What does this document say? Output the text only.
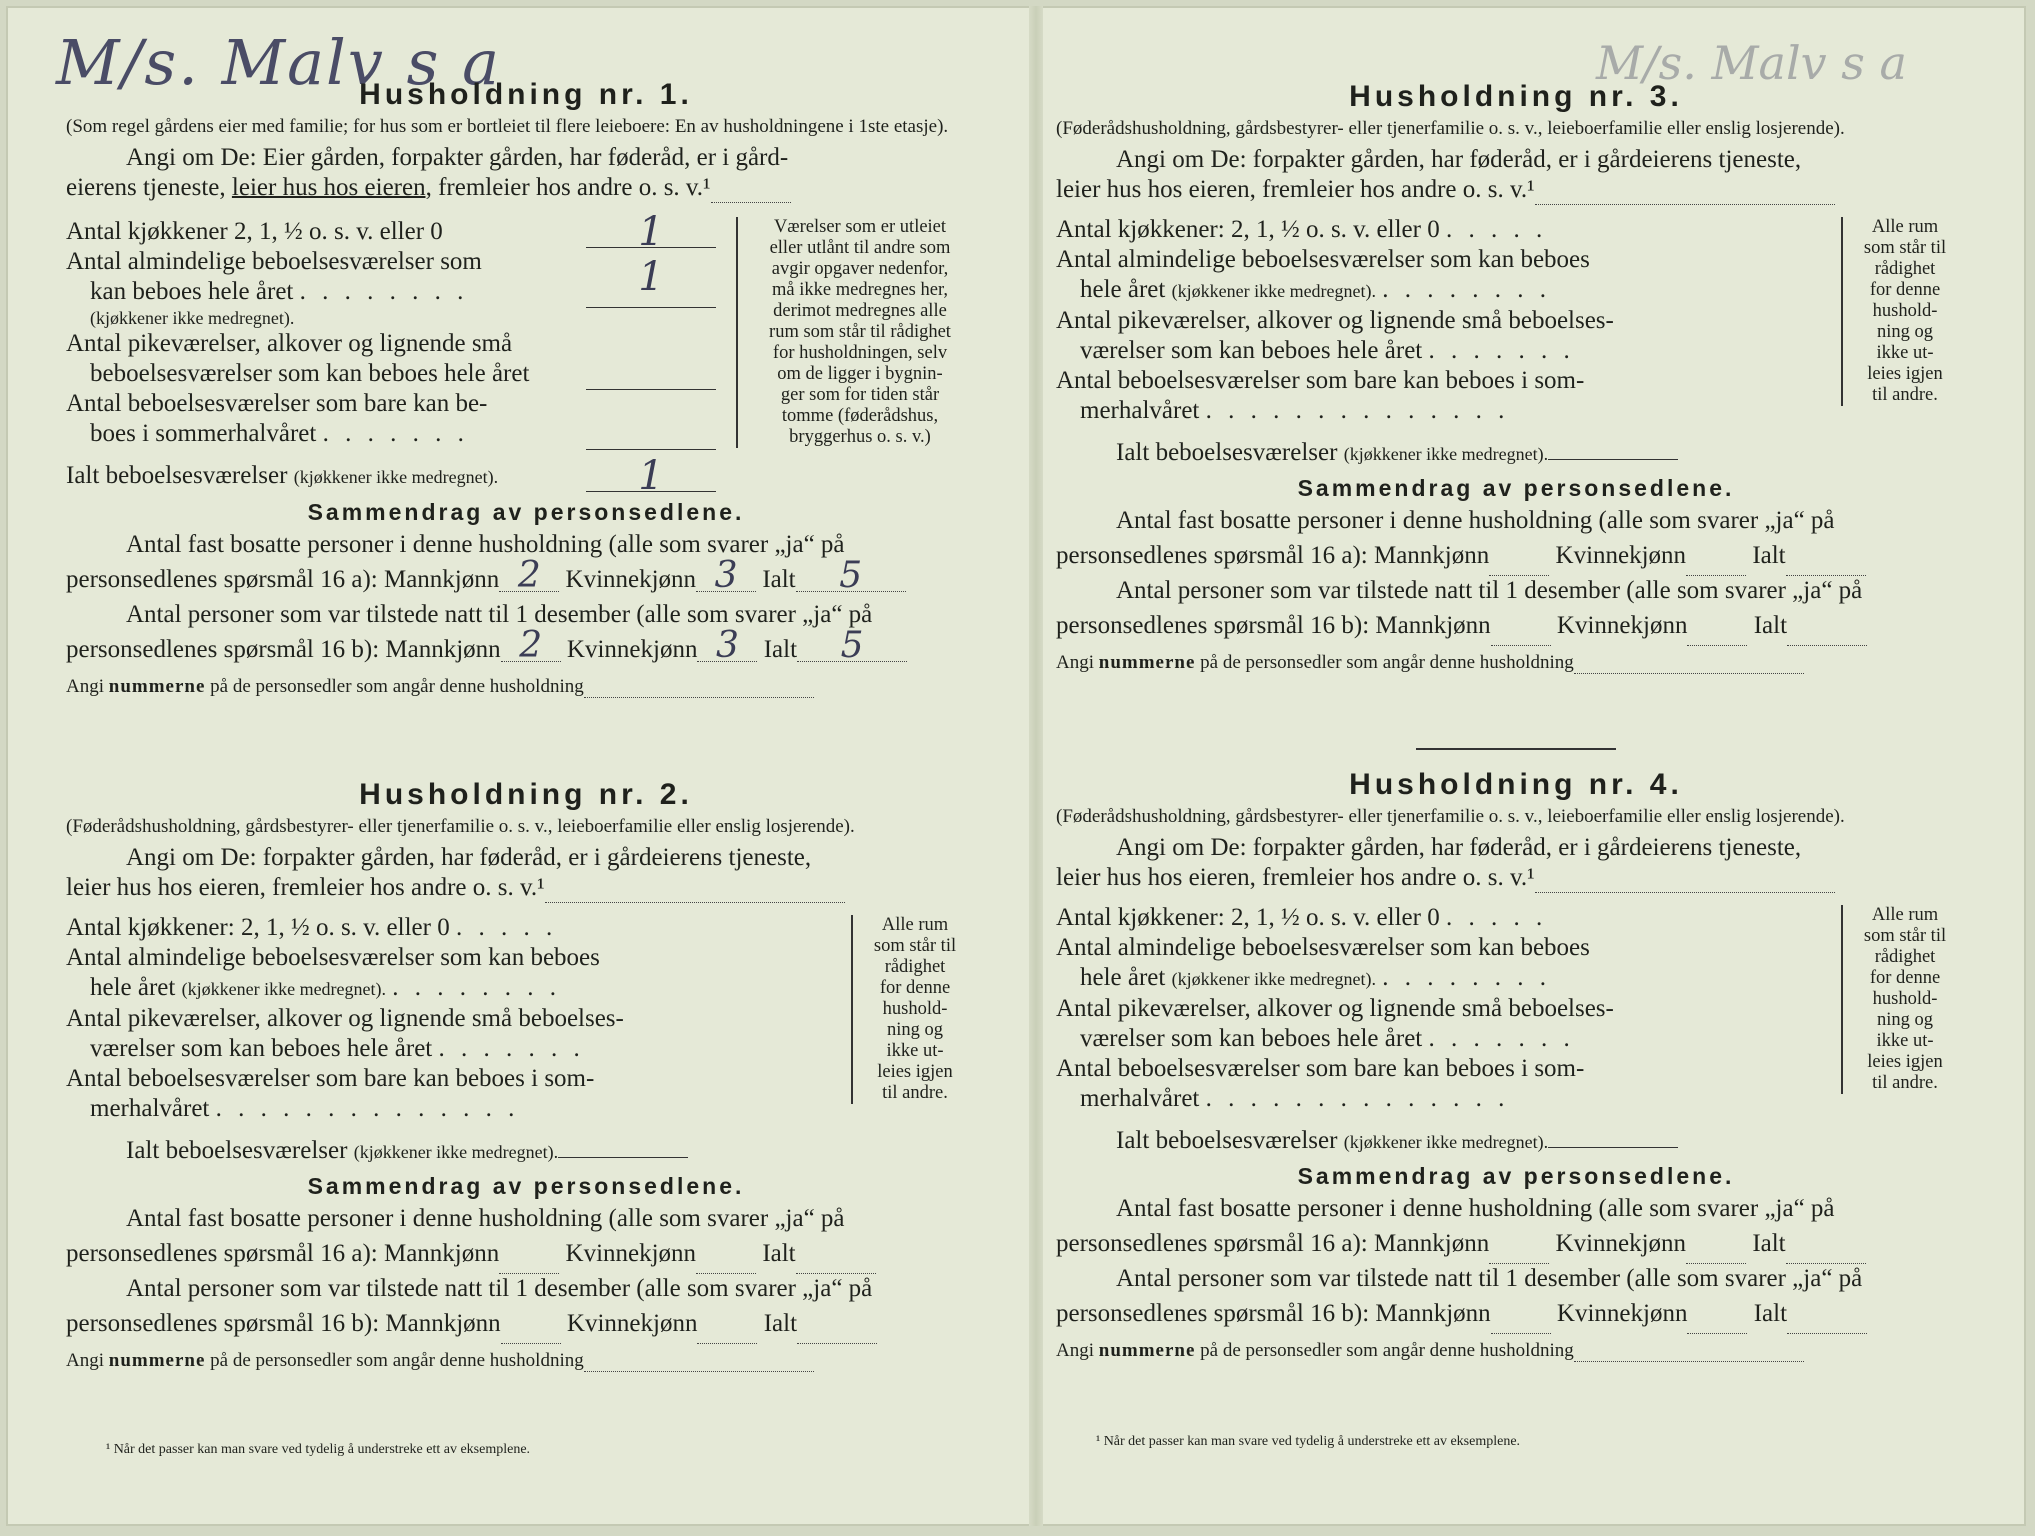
M/s. Malv s a
Husholdning nr. 1.

(Som regel gårdens eier med familie; for hus som er bortleiet til flere leieboere: En av husholdningene i 1ste etasje).

Angi om De: Eier gården, forpakter gården, har føderåd, er i gård-

eierens tjeneste, leier hus hos eieren, fremleier hos andre o. s. v.¹

Antal kjøkkener 2, 1, ½ o. s. v. eller 0	1

Antal almindelige beboelsesværelser som

kan beboes hele året . . . . . . . .	1

(kjøkkener ikke medregnet).

Antal pikeværelser, alkover og lignende små

beboelsesværelser som kan beboes hele året

Antal beboelsesværelser som bare kan be-

boes i sommerhalvåret . . . . . . .

Ialt beboelsesværelser (kjøkkener ikke medregnet).	1
Værelser som er utleiet
eller utlånt til andre som
avgir opgaver nedenfor,
må ikke medregnes her,
derimot medregnes alle
rum som står til rådighet
for husholdningen, selv
om de ligger i bygnin-
ger som for tiden står
tomme (føderådshus,
bryggerhus o. s. v.)
Sammendrag av personsedlene.

Antal fast bosatte personer i denne husholdning (alle som svarer „ja“ på

personsedlenes spørsmål 16 a): Mannkjønn 2 Kvinnekjønn 3 Ialt 5

Antal personer som var tilstede natt til 1 desember (alle som svarer „ja“ på

personsedlenes spørsmål 16 b): Mannkjønn 2 Kvinnekjønn 3 Ialt 5

Angi nummerne på de personsedler som angår denne husholdning

Husholdning nr. 2.

(Føderådshusholdning, gårdsbestyrer- eller tjenerfamilie o. s. v., leieboerfamilie eller enslig losjerende).

Angi om De: forpakter gården, har føderåd, er i gårdeierens tjeneste,

leier hus hos eieren, fremleier hos andre o. s. v.¹

Antal kjøkkener: 2, 1, ½ o. s. v. eller 0 . . . . .

Antal almindelige beboelsesværelser som kan beboes

hele året (kjøkkener ikke medregnet). . . . . . . . .

Antal pikeværelser, alkover og lignende små beboelses-

værelser som kan beboes hele året . . . . . . .

Antal beboelsesværelser som bare kan beboes i som-

merhalvåret . . . . . . . . . . . . . .

Ialt beboelsesværelser (kjøkkener ikke medregnet).

Alle rum
som står til
rådighet
for denne
hushold-
ning og
ikke ut-
leies igjen
til andre.
Sammendrag av personsedlene.

Antal fast bosatte personer i denne husholdning (alle som svarer „ja“ på

personsedlenes spørsmål 16 a): Mannkjønn	Kvinnekjønn	Ialt

Antal personer som var tilstede natt til 1 desember (alle som svarer „ja“ på

personsedlenes spørsmål 16 b): Mannkjønn	Kvinnekjønn	Ialt

Angi nummerne på de personsedler som angår denne husholdning

¹ Når det passer kan man svare ved tydelig å understreke ett av eksemplene.
M/s. Malv s a
Husholdning nr. 3.

(Føderådshusholdning, gårdsbestyrer- eller tjenerfamilie o. s. v., leieboerfamilie eller enslig losjerende).

Angi om De: forpakter gården, har føderåd, er i gårdeierens tjeneste,

leier hus hos eieren, fremleier hos andre o. s. v.¹

Antal kjøkkener: 2, 1, ½ o. s. v. eller 0 . . . . .

Antal almindelige beboelsesværelser som kan beboes

hele året (kjøkkener ikke medregnet). . . . . . . . .

Antal pikeværelser, alkover og lignende små beboelses-

værelser som kan beboes hele året . . . . . . .

Antal beboelsesværelser som bare kan beboes i som-

merhalvåret . . . . . . . . . . . . . .

Ialt beboelsesværelser (kjøkkener ikke medregnet).

Alle rum
som står til
rådighet
for denne
hushold-
ning og
ikke ut-
leies igjen
til andre.
Sammendrag av personsedlene.

Antal fast bosatte personer i denne husholdning (alle som svarer „ja“ på

personsedlenes spørsmål 16 a): Mannkjønn	Kvinnekjønn	Ialt

Antal personer som var tilstede natt til 1 desember (alle som svarer „ja“ på

personsedlenes spørsmål 16 b): Mannkjønn	Kvinnekjønn	Ialt

Angi nummerne på de personsedler som angår denne husholdning

Husholdning nr. 4.

(Føderådshusholdning, gårdsbestyrer- eller tjenerfamilie o. s. v., leieboerfamilie eller enslig losjerende).

Angi om De: forpakter gården, har føderåd, er i gårdeierens tjeneste,

leier hus hos eieren, fremleier hos andre o. s. v.¹

Antal kjøkkener: 2, 1, ½ o. s. v. eller 0 . . . . .

Antal almindelige beboelsesværelser som kan beboes

hele året (kjøkkener ikke medregnet). . . . . . . . .

Antal pikeværelser, alkover og lignende små beboelses-

værelser som kan beboes hele året . . . . . . .

Antal beboelsesværelser som bare kan beboes i som-

merhalvåret . . . . . . . . . . . . . .

Ialt beboelsesværelser (kjøkkener ikke medregnet).

Alle rum
som står til
rådighet
for denne
hushold-
ning og
ikke ut-
leies igjen
til andre.
Sammendrag av personsedlene.

Antal fast bosatte personer i denne husholdning (alle som svarer „ja“ på

personsedlenes spørsmål 16 a): Mannkjønn	Kvinnekjønn	Ialt

Antal personer som var tilstede natt til 1 desember (alle som svarer „ja“ på

personsedlenes spørsmål 16 b): Mannkjønn	Kvinnekjønn	Ialt

Angi nummerne på de personsedler som angår denne husholdning

¹ Når det passer kan man svare ved tydelig å understreke ett av eksemplene.
